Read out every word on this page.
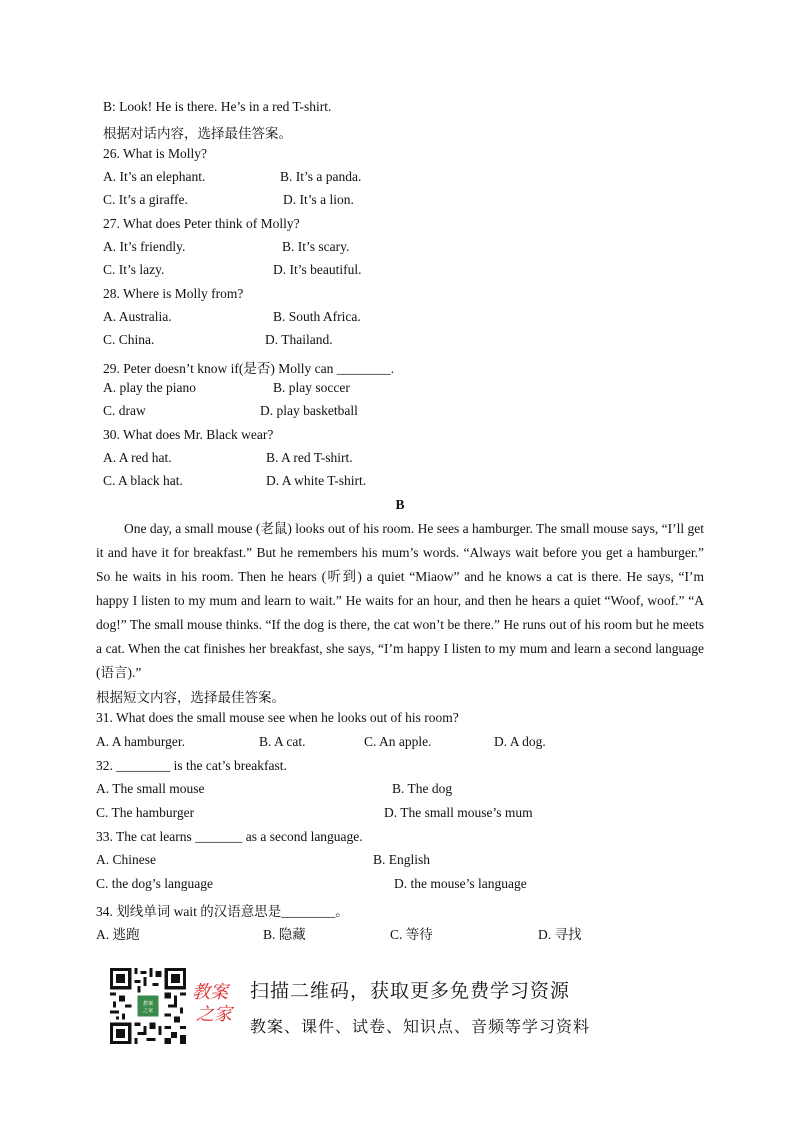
B: Look! He is there. He’s in a red T-shirt.
根据对话内容，选择最佳答案。
26. What is Molly?
A. It’s an elephant.	B. It’s a panda.
C. It’s a giraffe.	D. It’s a lion.
27. What does Peter think of Molly?
A. It’s friendly.	B. It’s scary.
C. It’s lazy.	D. It’s beautiful.
28. Where is Molly from?
A. Australia.	B. South Africa.
C. China.	D. Thailand.
29. Peter doesn’t know if(是否) Molly can ________.
A. play the piano	B. play soccer
C. draw	D. play basketball
30. What does Mr. Black wear?
A. A red hat.	B. A red T-shirt.
C. A black hat.	D. A white T-shirt.
B
One day, a small mouse (老鼠) looks out of his room. He sees a hamburger. The small mouse says, “I’ll get it and have it for breakfast.” But he remembers his mum’s words. “Always wait before you get a hamburger.” So he waits in his room. Then he hears (听到) a quiet “Miaow” and he knows a cat is there. He says, “I’m happy I listen to my mum and learn to wait.” He waits for an hour, and then he hears a quiet “Woof, woof.” “A dog!” The small mouse thinks. “If the dog is there, the cat won’t be there.” He runs out of his room but he meets a cat. When the cat finishes her breakfast, she says, “I’m happy I listen to my mum and learn a second language (语言).”
根据短文内容，选择最佳答案。
31. What does the small mouse see when he looks out of his room?
A. A hamburger.	B. A cat.	C. An apple.	D. A dog.
32. ________ is the cat’s breakfast.
A. The small mouse	B. The dog
C. The hamburger	D. The small mouse’s mum
33. The cat learns _______ as a second language.
A. Chinese	B. English
C. the dog’s language	D. the mouse’s language
34. 划线单词 wait 的汉语意思是________。
A. 逃跑	B. 隐藏	C. 等待	D. 寻找
教案
之家
教案
之家
扫描二维码，获取更多免费学习资源
教案、课件、试卷、知识点、音频等学习资料
